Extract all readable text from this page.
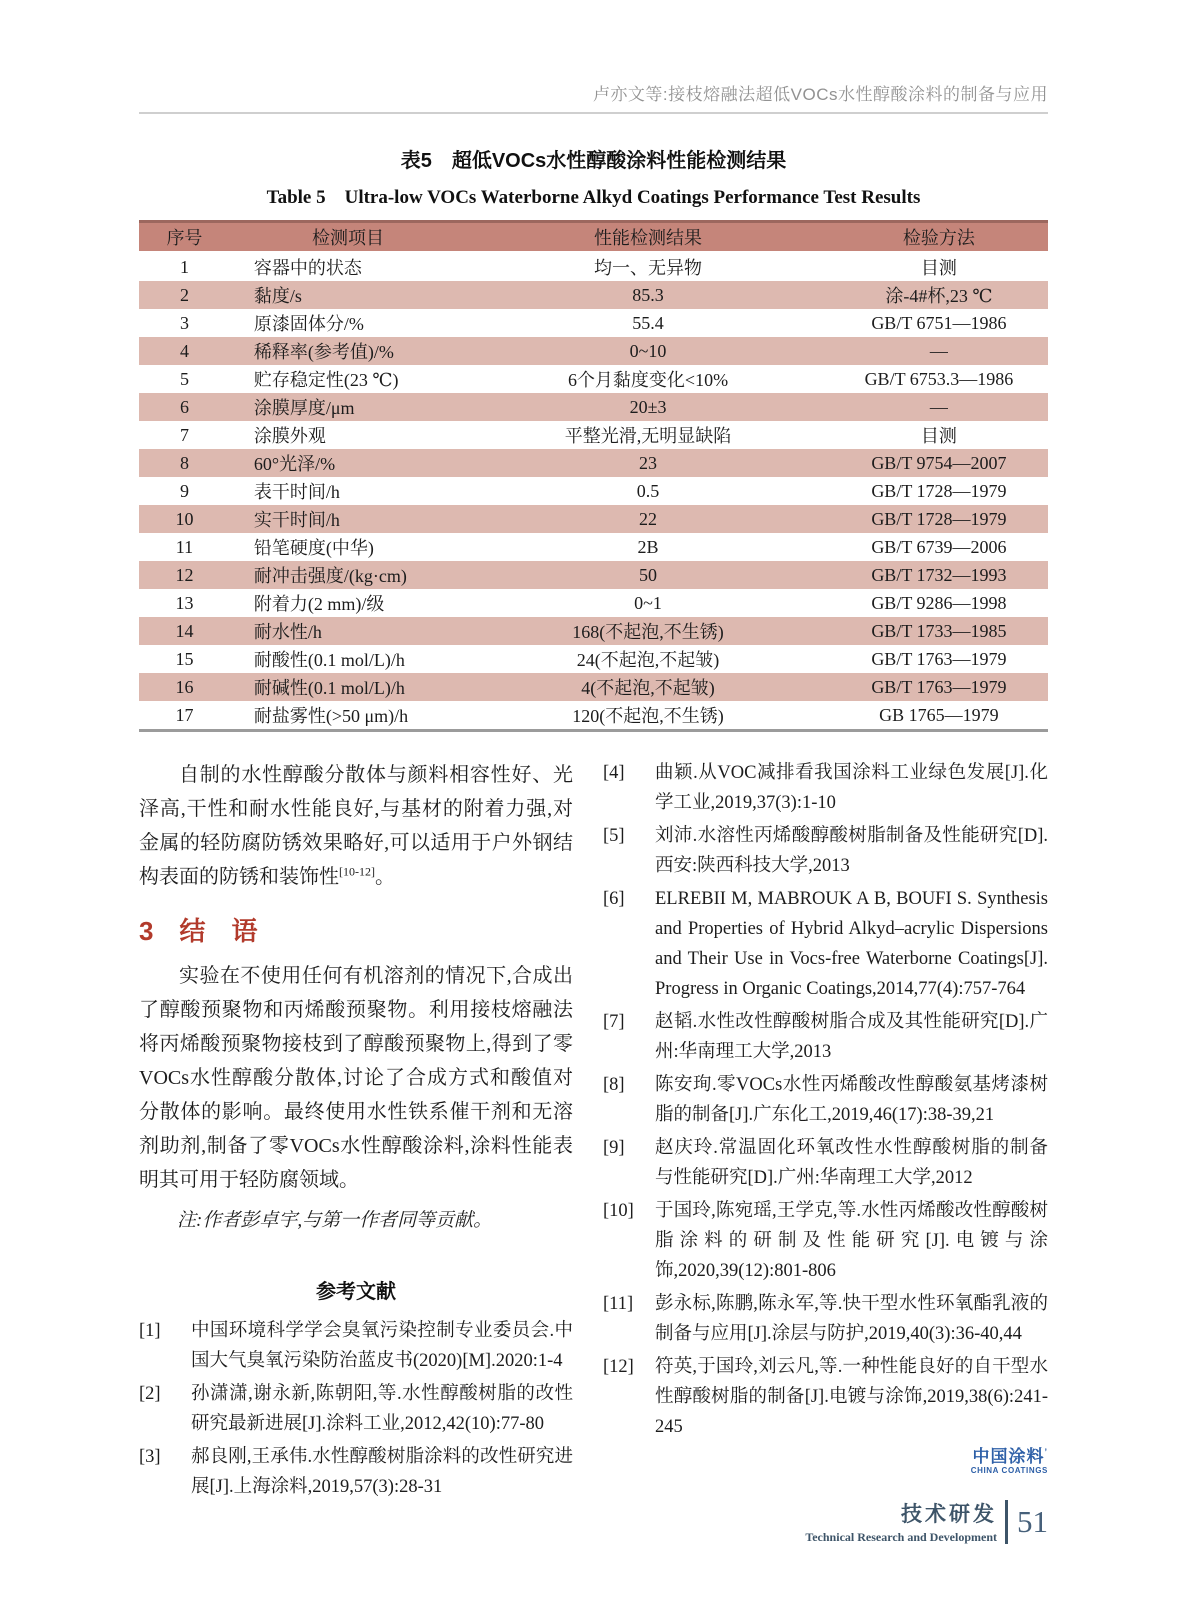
卢亦文等:接枝熔融法超低VOCs水性醇酸涂料的制备与应用
表5　超低VOCs水性醇酸涂料性能检测结果
Table 5　Ultra-low VOCs Waterborne Alkyd Coatings Performance Test Results
序号	检测项目	性能检测结果	检验方法
1	容器中的状态	均一、无异物	目测
2	黏度/s	85.3	涂-4#杯,23 ℃
3	原漆固体分/%	55.4	GB/T 6751—1986
4	稀释率(参考值)/%	0~10	—
5	贮存稳定性(23 ℃)	6个月黏度变化<10%	GB/T 6753.3—1986
6	涂膜厚度/μm	20±3	—
7	涂膜外观	平整光滑,无明显缺陷	目测
8	60°光泽/%	23	GB/T 9754—2007
9	表干时间/h	0.5	GB/T 1728—1979
10	实干时间/h	22	GB/T 1728—1979
11	铅笔硬度(中华)	2B	GB/T 6739—2006
12	耐冲击强度/(kg·cm)	50	GB/T 1732—1993
13	附着力(2 mm)/级	0~1	GB/T 9286—1998
14	耐水性/h	168(不起泡,不生锈)	GB/T 1733—1985
15	耐酸性(0.1 mol/L)/h	24(不起泡,不起皱)	GB/T 1763—1979
16	耐碱性(0.1 mol/L)/h	4(不起泡,不起皱)	GB/T 1763—1979
17	耐盐雾性(>50 μm)/h	120(不起泡,不生锈)	GB 1765—1979

自制的水性醇酸分散体与颜料相容性好、光泽高,干性和耐水性能良好,与基材的附着力强,对金属的轻防腐防锈效果略好,可以适用于户外钢结构表面的防锈和装饰性[10-12]。

3　结　语

实验在不使用任何有机溶剂的情况下,合成出了醇酸预聚物和丙烯酸预聚物。利用接枝熔融法将丙烯酸预聚物接枝到了醇酸预聚物上,得到了零VOCs水性醇酸分散体,讨论了合成方式和酸值对分散体的影响。最终使用水性铁系催干剂和无溶剂助剂,制备了零VOCs水性醇酸涂料,涂料性能表明其可用于轻防腐领域。

注:作者彭卓宇,与第一作者同等贡献。

参考文献
[1]	中国环境科学学会臭氧污染控制专业委员会.中国大气臭氧污染防治蓝皮书(2020)[M].2020:1-4
[2]	孙潇潇,谢永新,陈朝阳,等.水性醇酸树脂的改性研究最新进展[J].涂料工业,2012,42(10):77-80
[3]	郝良刚,王承伟.水性醇酸树脂涂料的改性研究进展[J].上海涂料,2019,57(3):28-31
[4]	曲颖.从VOC减排看我国涂料工业绿色发展[J].化学工业,2019,37(3):1-10
[5]	刘沛.水溶性丙烯酸醇酸树脂制备及性能研究[D].西安:陕西科技大学,2013
[6]	ELREBII M, MABROUK A B, BOUFI S. Synthesis and Properties of Hybrid Alkyd–acrylic Dispersions and Their Use in Vocs-free Waterborne Coatings[J]. Progress in Organic Coatings,2014,77(4):757-764
[7]	赵韬.水性改性醇酸树脂合成及其性能研究[D].广州:华南理工大学,2013
[8]	陈安珣.零VOCs水性丙烯酸改性醇酸氨基烤漆树脂的制备[J].广东化工,2019,46(17):38-39,21
[9]	赵庆玲.常温固化环氧改性水性醇酸树脂的制备与性能研究[D].广州:华南理工大学,2012
[10]	于国玲,陈宛瑶,王学克,等.水性丙烯酸改性醇酸树脂涂料的研制及性能研究[J].电镀与涂饰,2020,39(12):801-806
[11]	彭永标,陈鹏,陈永军,等.快干型水性环氧酯乳液的制备与应用[J].涂层与防护,2019,40(3):36-40,44
[12]	符英,于国玲,刘云凡,等.一种性能良好的自干型水性醇酸树脂的制备[J].电镀与涂饰,2019,38(6):241-245
中国涂料’
CHINA COATINGS
技术研发
Technical Research and Development 51
